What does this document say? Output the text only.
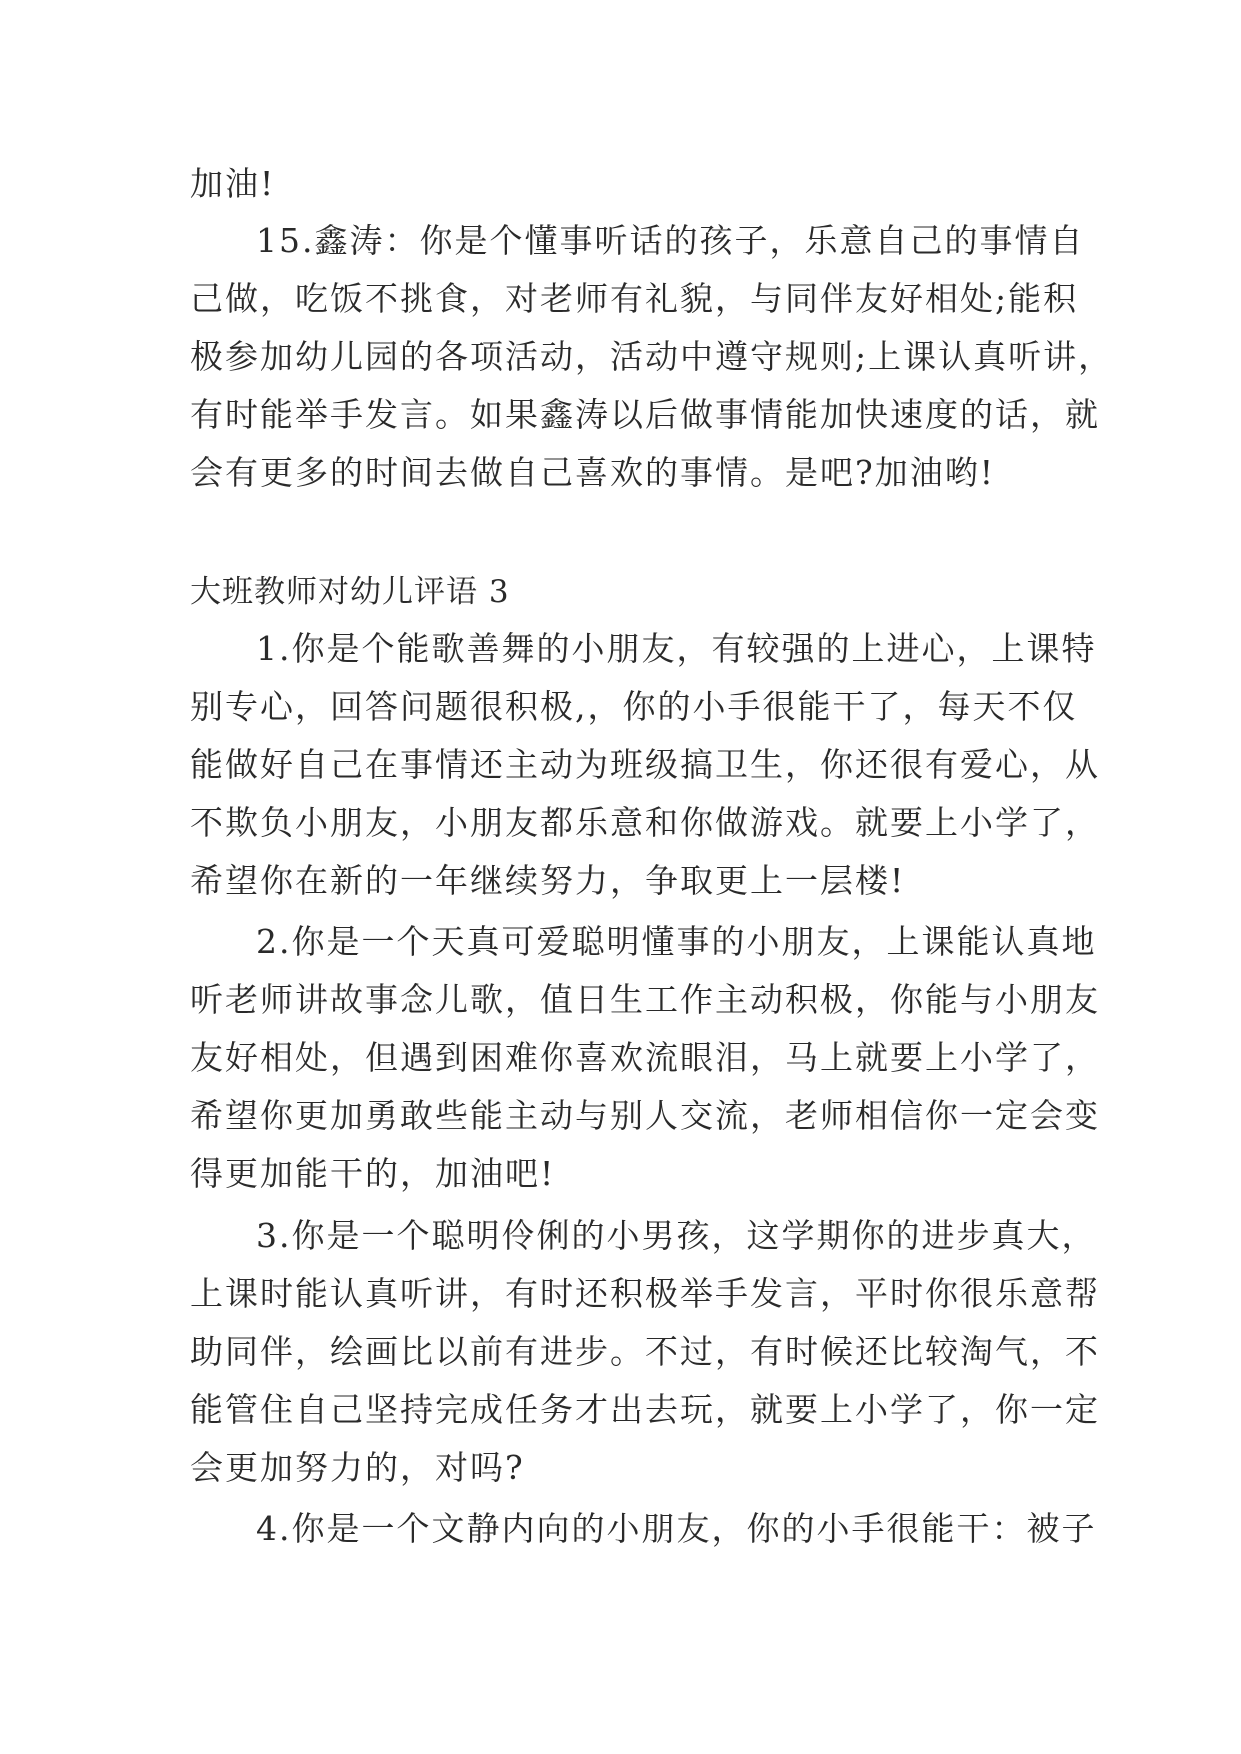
加油!
15.鑫涛：你是个懂事听话的孩子，乐意自己的事情自
己做，吃饭不挑食，对老师有礼貌，与同伴友好相处;能积
极参加幼儿园的各项活动，活动中遵守规则;上课认真听讲，
有时能举手发言。如果鑫涛以后做事情能加快速度的话，就
会有更多的时间去做自己喜欢的事情。是吧?加油哟!
大班教师对幼儿评语 3
1.你是个能歌善舞的小朋友，有较强的上进心，上课特
别专心，回答问题很积极,，你的小手很能干了，每天不仅
能做好自己在事情还主动为班级搞卫生，你还很有爱心，从
不欺负小朋友，小朋友都乐意和你做游戏。就要上小学了，
希望你在新的一年继续努力，争取更上一层楼!
2.你是一个天真可爱聪明懂事的小朋友，上课能认真地
听老师讲故事念儿歌，值日生工作主动积极，你能与小朋友
友好相处，但遇到困难你喜欢流眼泪，马上就要上小学了，
希望你更加勇敢些能主动与别人交流，老师相信你一定会变
得更加能干的，加油吧!
3.你是一个聪明伶俐的小男孩，这学期你的进步真大，
上课时能认真听讲，有时还积极举手发言，平时你很乐意帮
助同伴，绘画比以前有进步。不过，有时候还比较淘气，不
能管住自己坚持完成任务才出去玩，就要上小学了，你一定
会更加努力的，对吗?
4.你是一个文静内向的小朋友，你的小手很能干：被子
